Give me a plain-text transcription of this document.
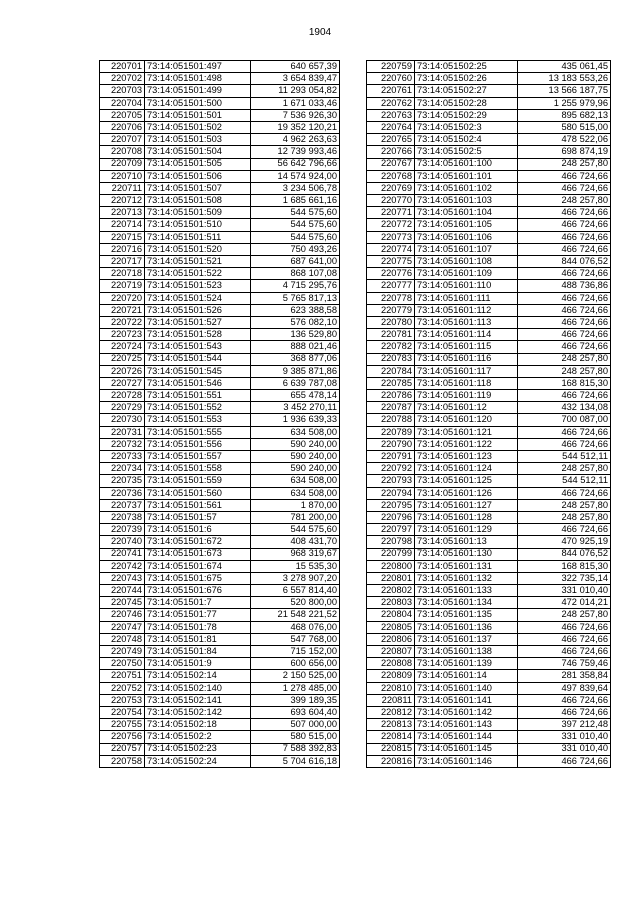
1904
220701	73:14:051501:497	640 657,39
220702	73:14:051501:498	3 654 839,47
220703	73:14:051501:499	11 293 054,82
220704	73:14:051501:500	1 671 033,46
220705	73:14:051501:501	7 536 926,30
220706	73:14:051501:502	19 352 120,21
220707	73:14:051501:503	4 962 263,63
220708	73:14:051501:504	12 739 993,46
220709	73:14:051501:505	56 642 796,66
220710	73:14:051501:506	14 574 924,00
220711	73:14:051501:507	3 234 506,78
220712	73:14:051501:508	1 685 661,16
220713	73:14:051501:509	544 575,60
220714	73:14:051501:510	544 575,60
220715	73:14:051501:511	544 575,60
220716	73:14:051501:520	750 493,26
220717	73:14:051501:521	687 641,00
220718	73:14:051501:522	868 107,08
220719	73:14:051501:523	4 715 295,76
220720	73:14:051501:524	5 765 817,13
220721	73:14:051501:526	623 388,58
220722	73:14:051501:527	576 082,10
220723	73:14:051501:528	136 529,80
220724	73:14:051501:543	888 021,46
220725	73:14:051501:544	368 877,06
220726	73:14:051501:545	9 385 871,86
220727	73:14:051501:546	6 639 787,08
220728	73:14:051501:551	655 478,14
220729	73:14:051501:552	3 452 270,11
220730	73:14:051501:553	1 936 639,33
220731	73:14:051501:555	634 508,00
220732	73:14:051501:556	590 240,00
220733	73:14:051501:557	590 240,00
220734	73:14:051501:558	590 240,00
220735	73:14:051501:559	634 508,00
220736	73:14:051501:560	634 508,00
220737	73:14:051501:561	1 870,00
220738	73:14:051501:57	781 200,00
220739	73:14:051501:6	544 575,60
220740	73:14:051501:672	408 431,70
220741	73:14:051501:673	968 319,67
220742	73:14:051501:674	15 535,30
220743	73:14:051501:675	3 278 907,20
220744	73:14:051501:676	6 557 814,40
220745	73:14:051501:7	520 800,00
220746	73:14:051501:77	21 548 221,52
220747	73:14:051501:78	468 076,00
220748	73:14:051501:81	547 768,00
220749	73:14:051501:84	715 152,00
220750	73:14:051501:9	600 656,00
220751	73:14:051502:14	2 150 525,00
220752	73:14:051502:140	1 278 485,00
220753	73:14:051502:141	399 189,35
220754	73:14:051502:142	693 604,40
220755	73:14:051502:18	507 000,00
220756	73:14:051502:2	580 515,00
220757	73:14:051502:23	7 588 392,83
220758	73:14:051502:24	5 704 616,18
220759	73:14:051502:25	435 061,45
220760	73:14:051502:26	13 183 553,26
220761	73:14:051502:27	13 566 187,75
220762	73:14:051502:28	1 255 979,96
220763	73:14:051502:29	895 682,13
220764	73:14:051502:3	580 515,00
220765	73:14:051502:4	478 522,06
220766	73:14:051502:5	698 874,19
220767	73:14:051601:100	248 257,80
220768	73:14:051601:101	466 724,66
220769	73:14:051601:102	466 724,66
220770	73:14:051601:103	248 257,80
220771	73:14:051601:104	466 724,66
220772	73:14:051601:105	466 724,66
220773	73:14:051601:106	466 724,66
220774	73:14:051601:107	466 724,66
220775	73:14:051601:108	844 076,52
220776	73:14:051601:109	466 724,66
220777	73:14:051601:110	488 736,86
220778	73:14:051601:111	466 724,66
220779	73:14:051601:112	466 724,66
220780	73:14:051601:113	466 724,66
220781	73:14:051601:114	466 724,66
220782	73:14:051601:115	466 724,66
220783	73:14:051601:116	248 257,80
220784	73:14:051601:117	248 257,80
220785	73:14:051601:118	168 815,30
220786	73:14:051601:119	466 724,66
220787	73:14:051601:12	432 134,08
220788	73:14:051601:120	700 087,00
220789	73:14:051601:121	466 724,66
220790	73:14:051601:122	466 724,66
220791	73:14:051601:123	544 512,11
220792	73:14:051601:124	248 257,80
220793	73:14:051601:125	544 512,11
220794	73:14:051601:126	466 724,66
220795	73:14:051601:127	248 257,80
220796	73:14:051601:128	248 257,80
220797	73:14:051601:129	466 724,66
220798	73:14:051601:13	470 925,19
220799	73:14:051601:130	844 076,52
220800	73:14:051601:131	168 815,30
220801	73:14:051601:132	322 735,14
220802	73:14:051601:133	331 010,40
220803	73:14:051601:134	472 014,21
220804	73:14:051601:135	248 257,80
220805	73:14:051601:136	466 724,66
220806	73:14:051601:137	466 724,66
220807	73:14:051601:138	466 724,66
220808	73:14:051601:139	746 759,46
220809	73:14:051601:14	281 358,84
220810	73:14:051601:140	497 839,64
220811	73:14:051601:141	466 724,66
220812	73:14:051601:142	466 724,66
220813	73:14:051601:143	397 212,48
220814	73:14:051601:144	331 010,40
220815	73:14:051601:145	331 010,40
220816	73:14:051601:146	466 724,66
